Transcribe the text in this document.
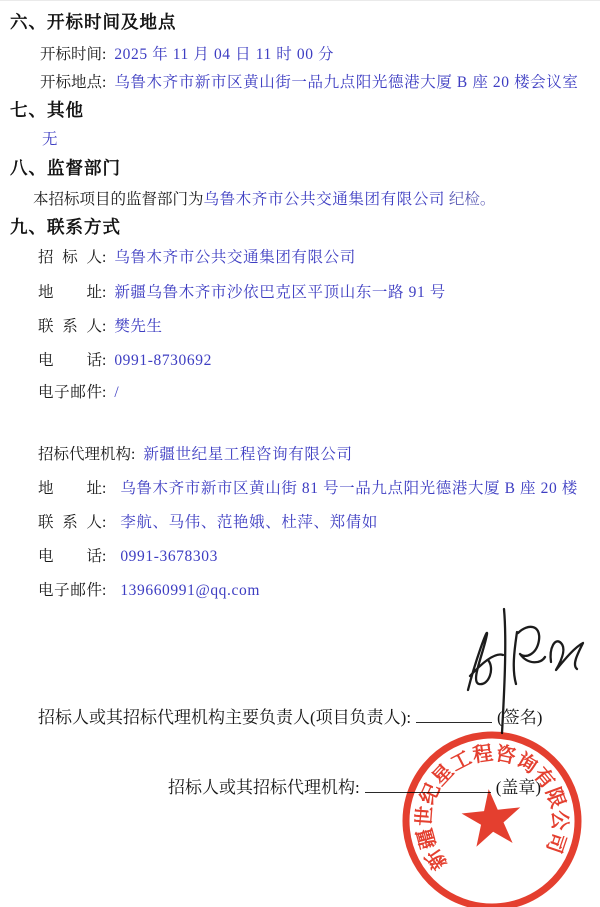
六、开标时间及地点
开标时间: 2025 年 11 月 04 日 11 时 00 分
开标地点: 乌鲁木齐市新市区黄山街一品九点阳光德港大厦 B 座 20 楼会议室
七、其他
无
八、监督部门
本招标项目的监督部门为乌鲁木齐市公共交通集团有限公司 纪检。
九、联系方式
招标人: 乌鲁木齐市公共交通集团有限公司
地址: 新疆乌鲁木齐市沙依巴克区平顶山东一路 91 号
联系人: 樊先生
电话: 0991-8730692
电子邮件: /
招标代理机构: 新疆世纪星工程咨询有限公司
地址: 乌鲁木齐市新市区黄山街 81 号一品九点阳光德港大厦 B 座 20 楼
联系人: 李航、马伟、范艳娥、杜萍、郑倩如
电话: 0991-3678303
电子邮件: 139660991@qq.com
招标人或其招标代理机构主要负责人(项目负责人):	(签名)
招标人或其招标代理机构:	(盖章)
新疆世纪星工程咨询有限公司
